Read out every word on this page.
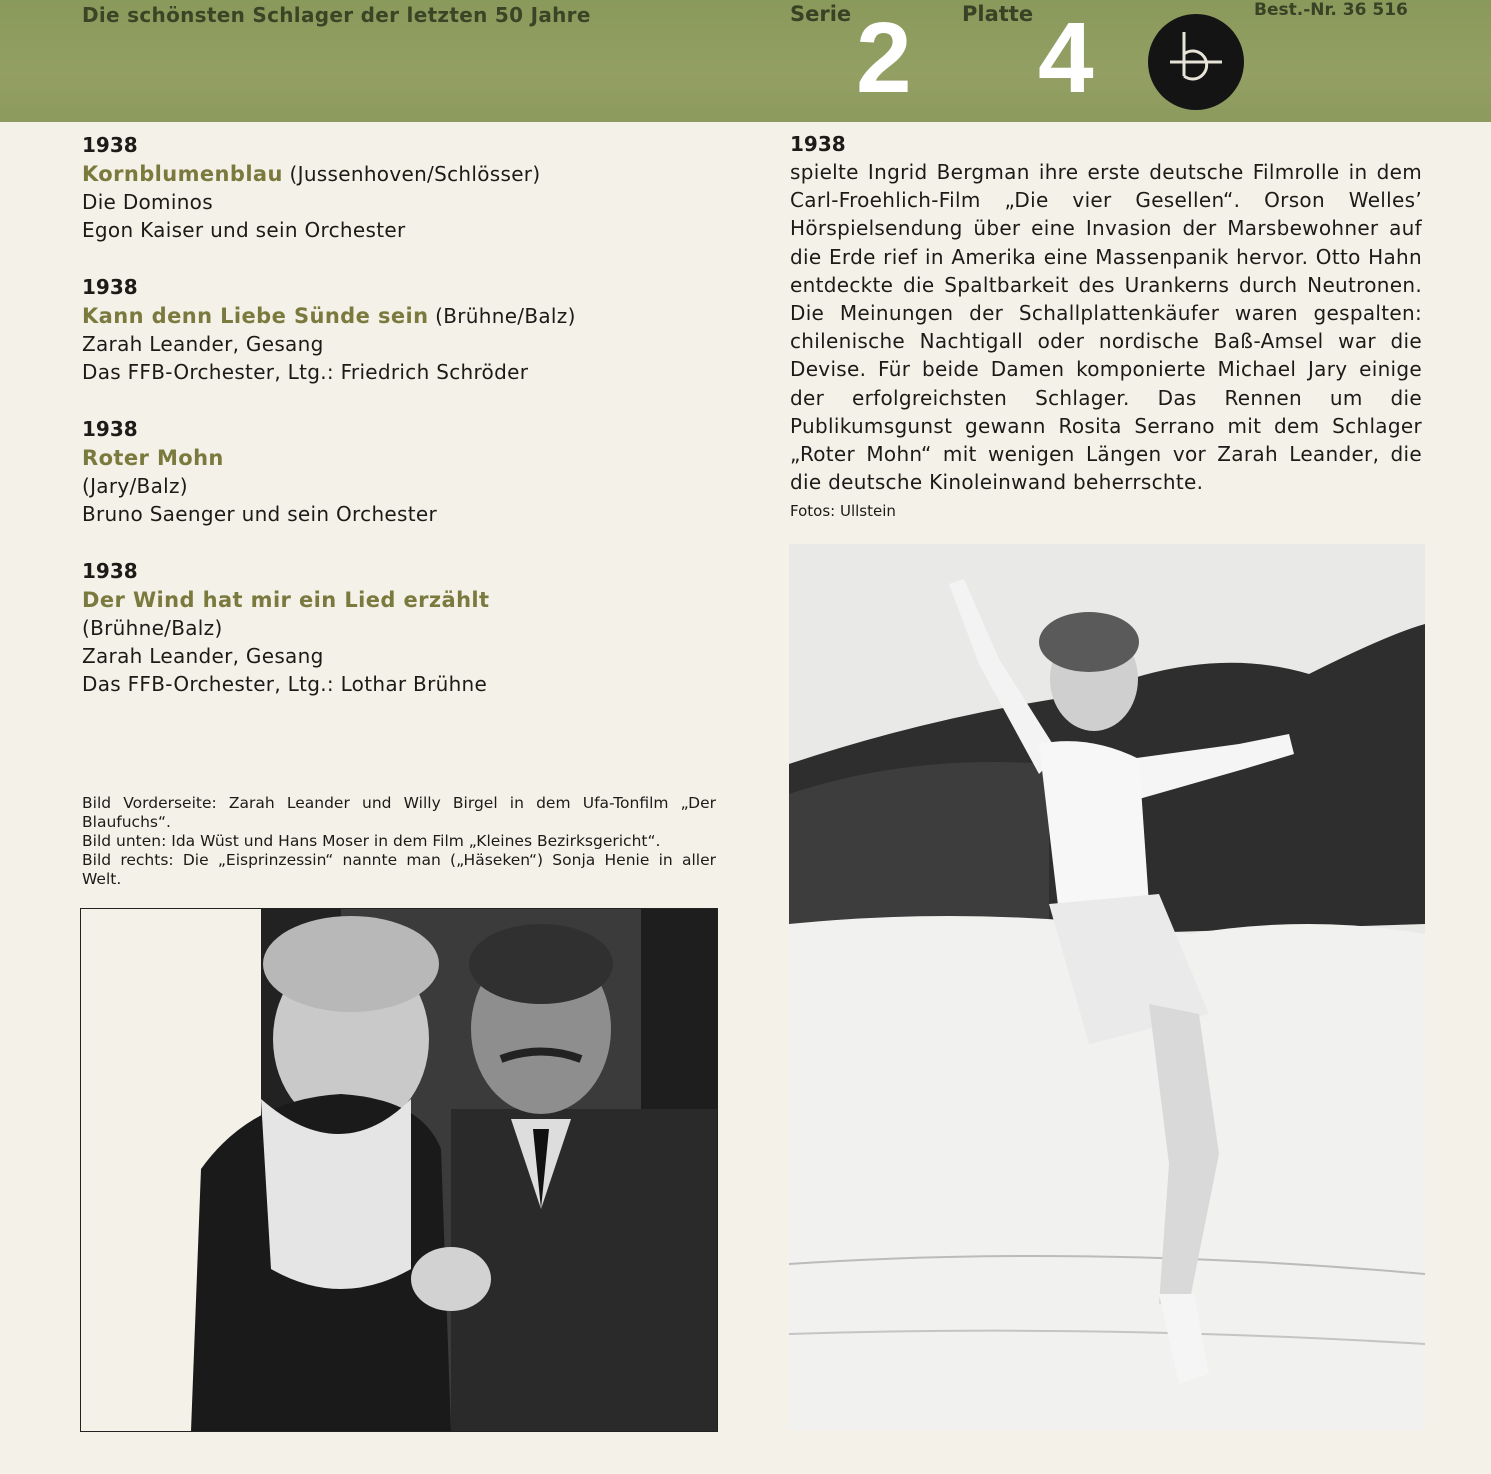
Die schönsten Schlager der letzten 50 Jahre	Serie 2 Platte 4	Best.-Nr. 36 516
1938
Kornblumenblau (Jussenhoven/Schlösser)
Die Dominos
Egon Kaiser und sein Orchester
1938
Kann denn Liebe Sünde sein (Brühne/Balz)
Zarah Leander, Gesang
Das FFB-Orchester, Ltg.: Friedrich Schröder
1938
Roter Mohn
(Jary/Balz)
Bruno Saenger und sein Orchester
1938
Der Wind hat mir ein Lied erzählt
(Brühne/Balz)
Zarah Leander, Gesang
Das FFB-Orchester, Ltg.: Lothar Brühne
Bild Vorderseite: Zarah Leander und Willy Birgel in dem Ufa-Tonfilm „Der Blaufuchs“.
Bild unten: Ida Wüst und Hans Moser in dem Film „Kleines Bezirksgericht“.
Bild rechts: Die „Eisprinzessin“ nannte man („Häseken“) Sonja Henie in aller Welt.
1938
spielte Ingrid Bergman ihre erste deutsche Filmrolle in dem Carl-Froehlich-Film „Die vier Gesellen“. Orson Welles’ Hörspielsendung über eine Invasion der Marsbewohner auf die Erde rief in Amerika eine Massenpanik hervor. Otto Hahn entdeckte die Spaltbarkeit des Urankerns durch Neutronen. Die Meinungen der Schallplattenkäufer waren gespalten: chilenische Nachtigall oder nordische Baß-Amsel war die Devise. Für beide Damen komponierte Michael Jary einige der erfolgreichsten Schlager. Das Rennen um die Publikumsgunst gewann Rosita Serrano mit dem Schlager „Roter Mohn“ mit wenigen Längen vor Zarah Leander, die die deutsche Kinoleinwand beherrschte.
Fotos: Ullstein
